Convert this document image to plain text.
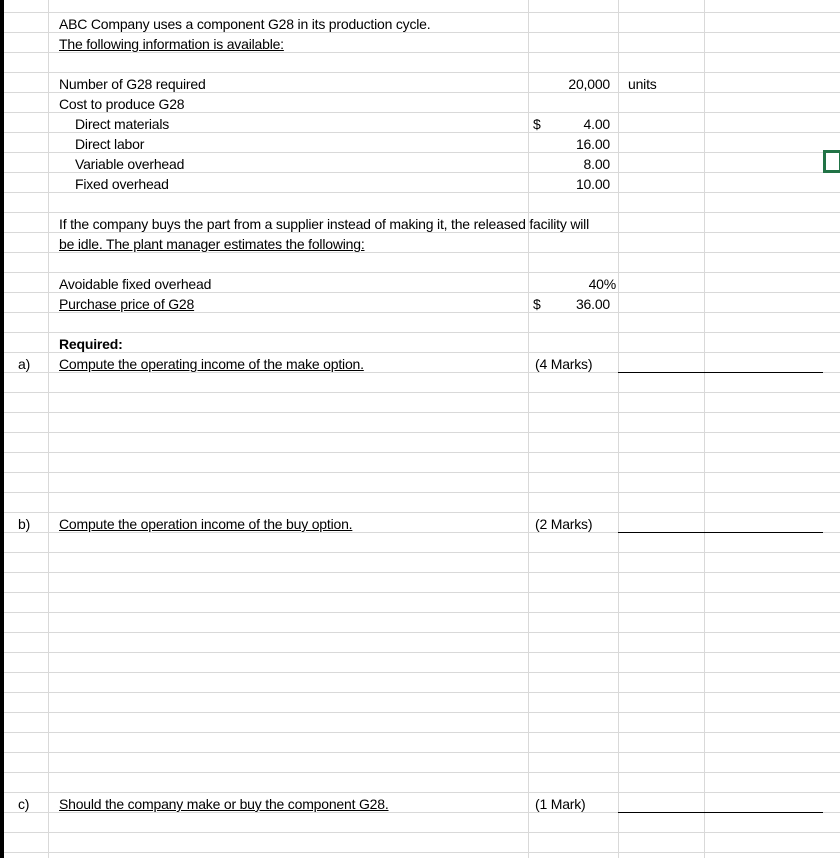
ABC Company uses a component G28 in its production cycle.
The following information is available:
Number of G28 required	20,000 units
Cost to produce G28
Direct materials	$	4.00
Direct labor	16.00
Variable overhead	8.00
Fixed overhead	10.00
If the company buys the part from a supplier instead of making it, the released facility will
be idle. The plant manager estimates the following:
Avoidable fixed overhead	40%
Purchase price of G28	$	36.00
Required:
a) Compute the operating income of the make option.	(4 Marks)
b) Compute the operation income of the buy option.	(2 Marks)
c) Should the company make or buy the component G28.	(1 Mark)
